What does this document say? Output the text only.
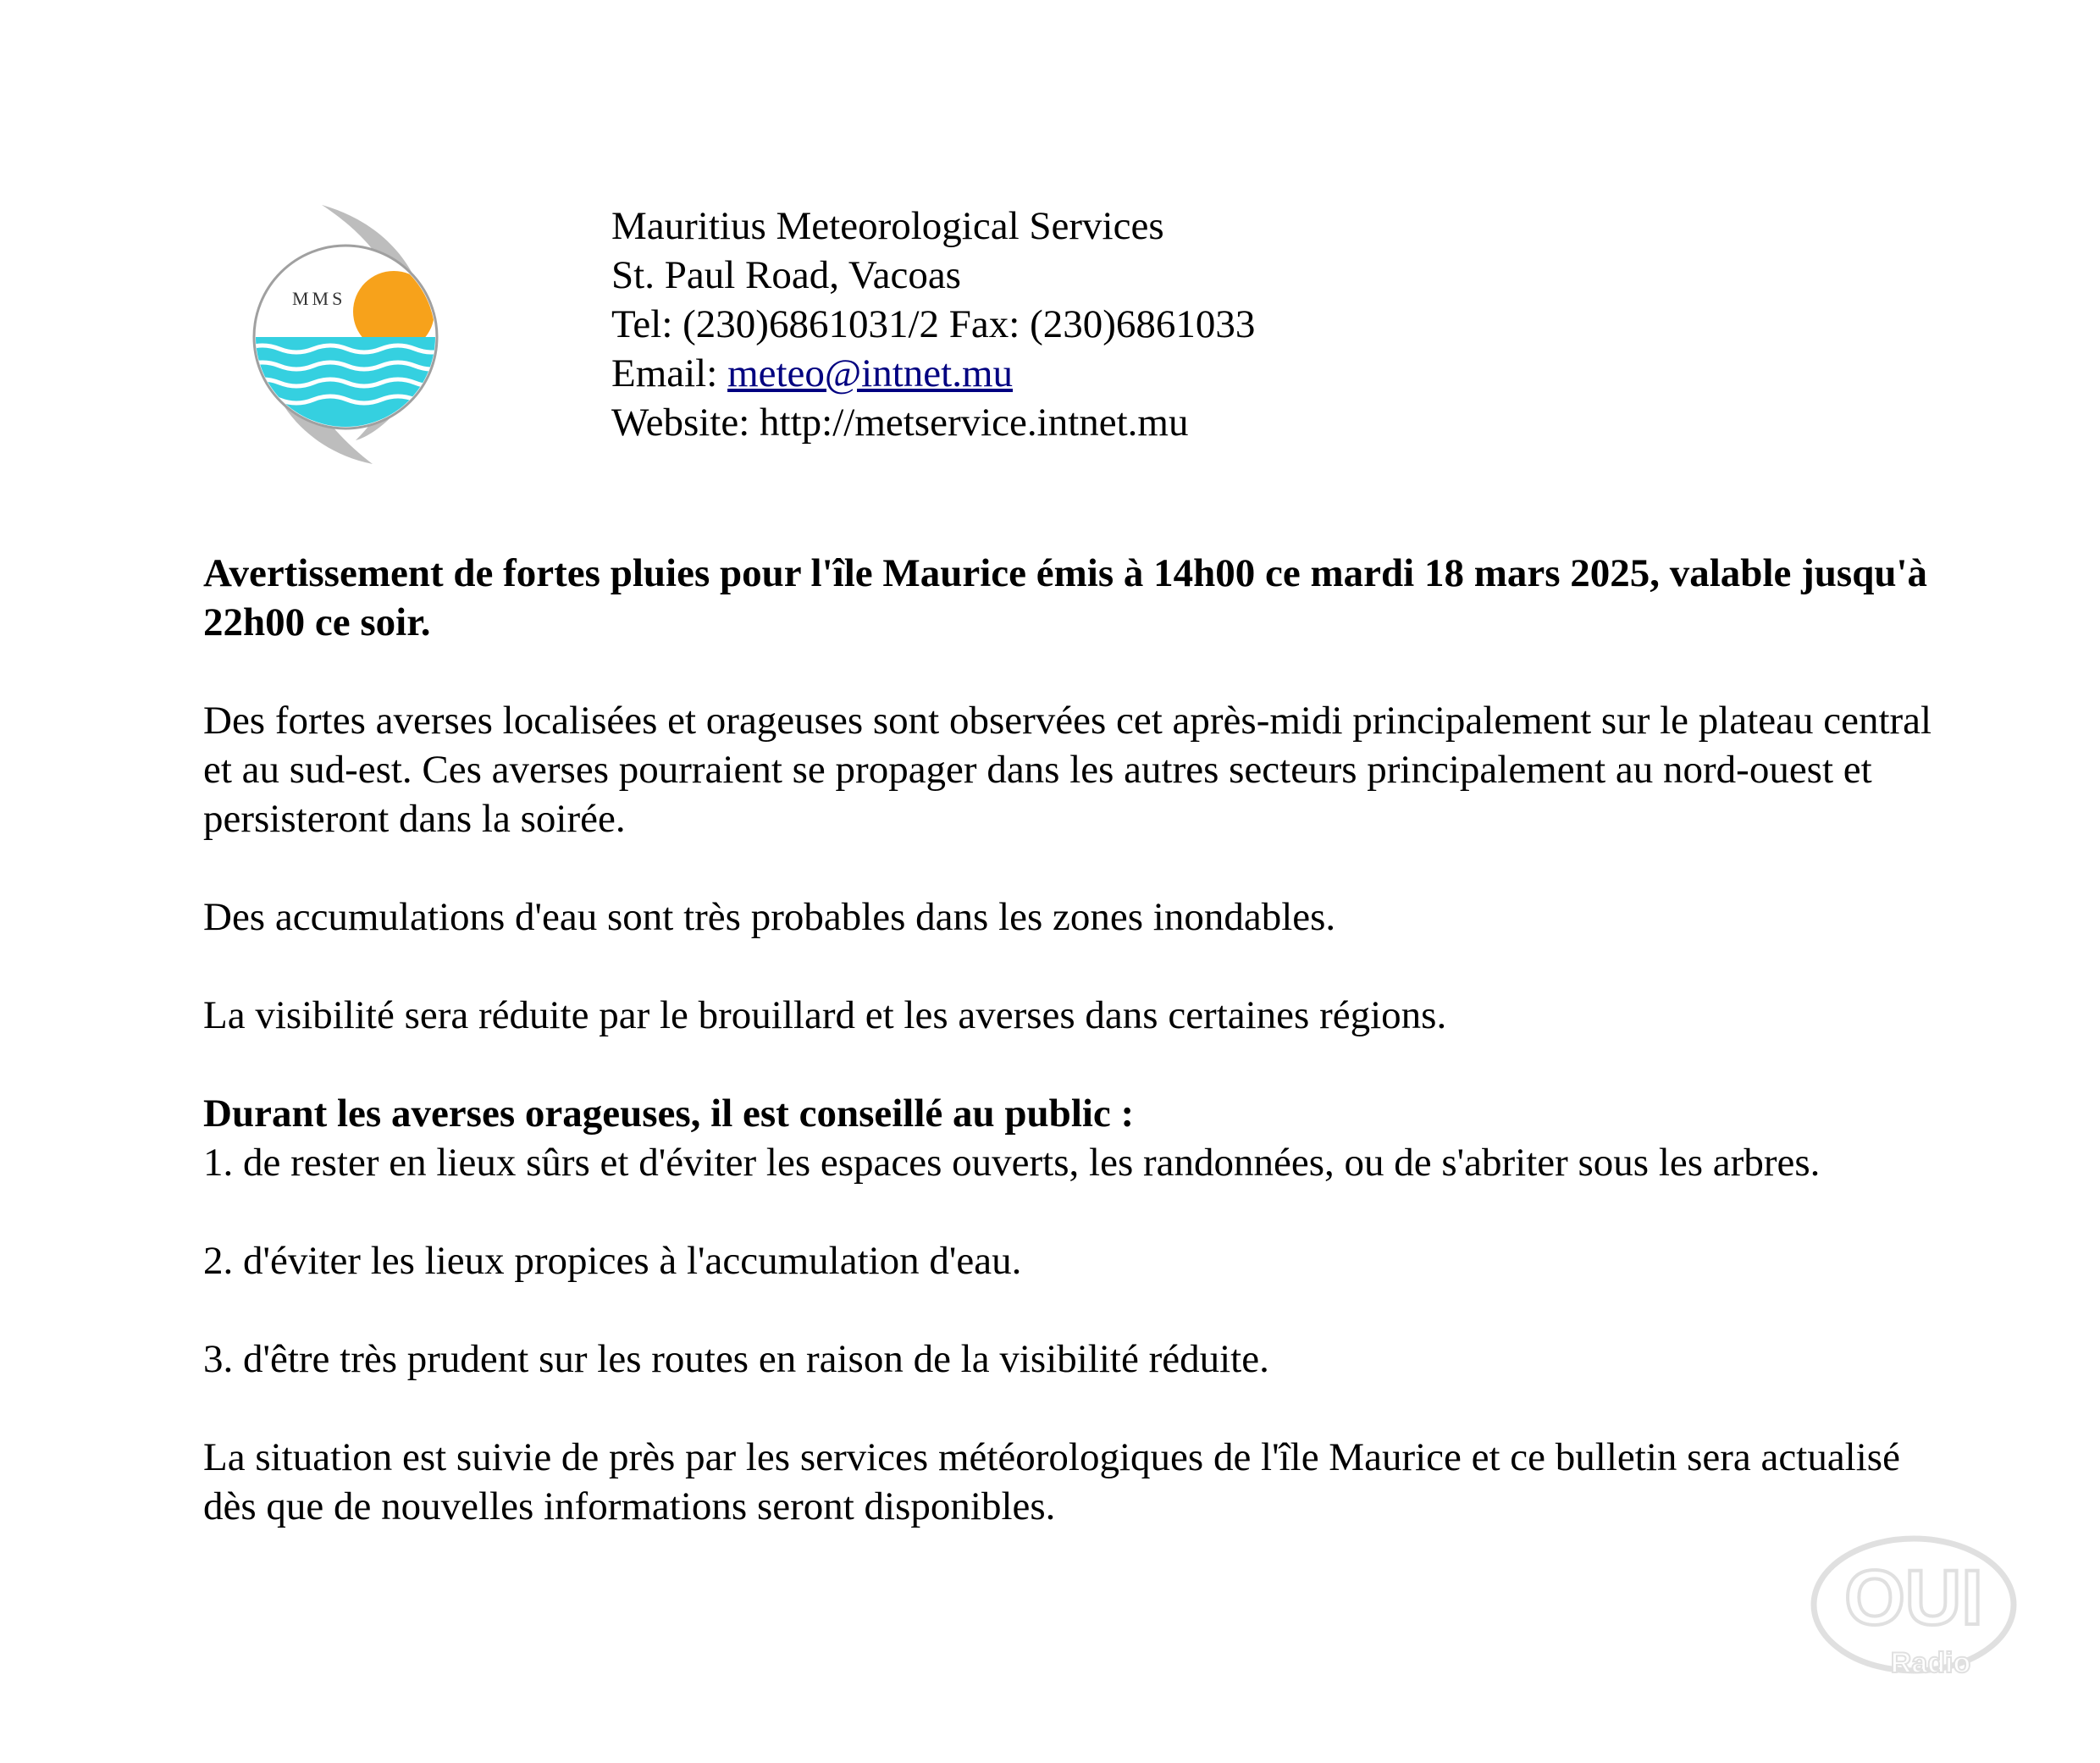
MMS
Mauritius Meteorological Services
St. Paul Road, Vacoas
Tel: (230)6861031/2 Fax: (230)6861033
Email: meteo@intnet.mu
Website: http://metservice.intnet.mu

Avertissement de fortes pluies pour l'île Maurice émis à 14h00 ce mardi 18 mars 2025, valable jusqu'à 22h00 ce soir.

Des fortes averses localisées et orageuses sont observées cet après-midi principalement sur le plateau central et au sud-est. Ces averses pourraient se propager dans les autres secteurs principalement au nord-ouest et persisteront dans la soirée.

Des accumulations d'eau sont très probables dans les zones inondables.

La visibilité sera réduite par le brouillard et les averses dans certaines régions.

Durant les averses orageuses, il est conseillé au public :

1. de rester en lieux sûrs et d'éviter les espaces ouverts, les randonnées, ou de s'abriter sous les arbres.

2. d'éviter les lieux propices à l'accumulation d'eau.

3. d'être très prudent sur les routes en raison de la visibilité réduite.

La situation est suivie de près par les services météorologiques de l'île Maurice et ce bulletin sera actualisé dès que de nouvelles informations seront disponibles.

OUI
Radio
